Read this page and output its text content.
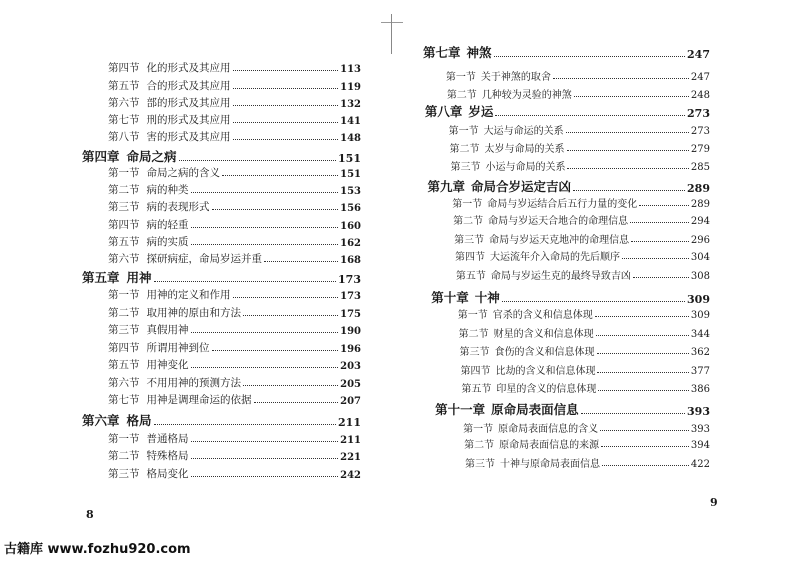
8
第四节 化的形式及其应用	113
第五节 合的形式及其应用	119
第六节 部的形式及其应用	132
第七节 刑的形式及其应用	141
第八节 害的形式及其应用	148
第四章 命局之病	151
第一节 命局之病的含义	151
第二节 病的种类	153
第三节 病的表现形式	156
第四节 病的轻重	160
第五节 病的实质	162
第六节 探研病症，命局岁运并重	168
第五章 用神	173
第一节 用神的定义和作用	173
第二节 取用神的原由和方法	175
第三节 真假用神	190
第四节 所谓用神到位	196
第五节 用神变化	203
第六节 不用用神的预测方法	205
第七节 用神是调理命运的依据	207
第六章 格局	211
第一节 普通格局	211
第二节 特殊格局	221
第三节 格局变化	242
9
第七章 神煞	247
第一节 关于神煞的取舍	247
第二节 几种较为灵验的神煞	248
第八章 岁运	273
第一节 大运与命运的关系	273
第二节 太岁与命局的关系	279
第三节 小运与命局的关系	285
第九章 命局合岁运定吉凶	289
第一节 命局与岁运结合后五行力量的变化	289
第二节 命局与岁运天合地合的命理信息	294
第三节 命局与岁运天克地冲的命理信息	296
第四节 大运流年介入命局的先后顺序	304
第五节 命局与岁运生克的最终导致吉凶	308
第十章 十神	309
第一节 官杀的含义和信息体现	309
第二节 财星的含义和信息体现	344
第三节 食伤的含义和信息体现	362
第四节 比劫的含义和信息体现	377
第五节 印星的含义的信息体现	386
第十一章 原命局表面信息	393
第一节 原命局表面信息的含义	393
第二节 原命局表面信息的来源	394
第三节 十神与原命局表面信息	422
古籍库 www.fozhu920.com
